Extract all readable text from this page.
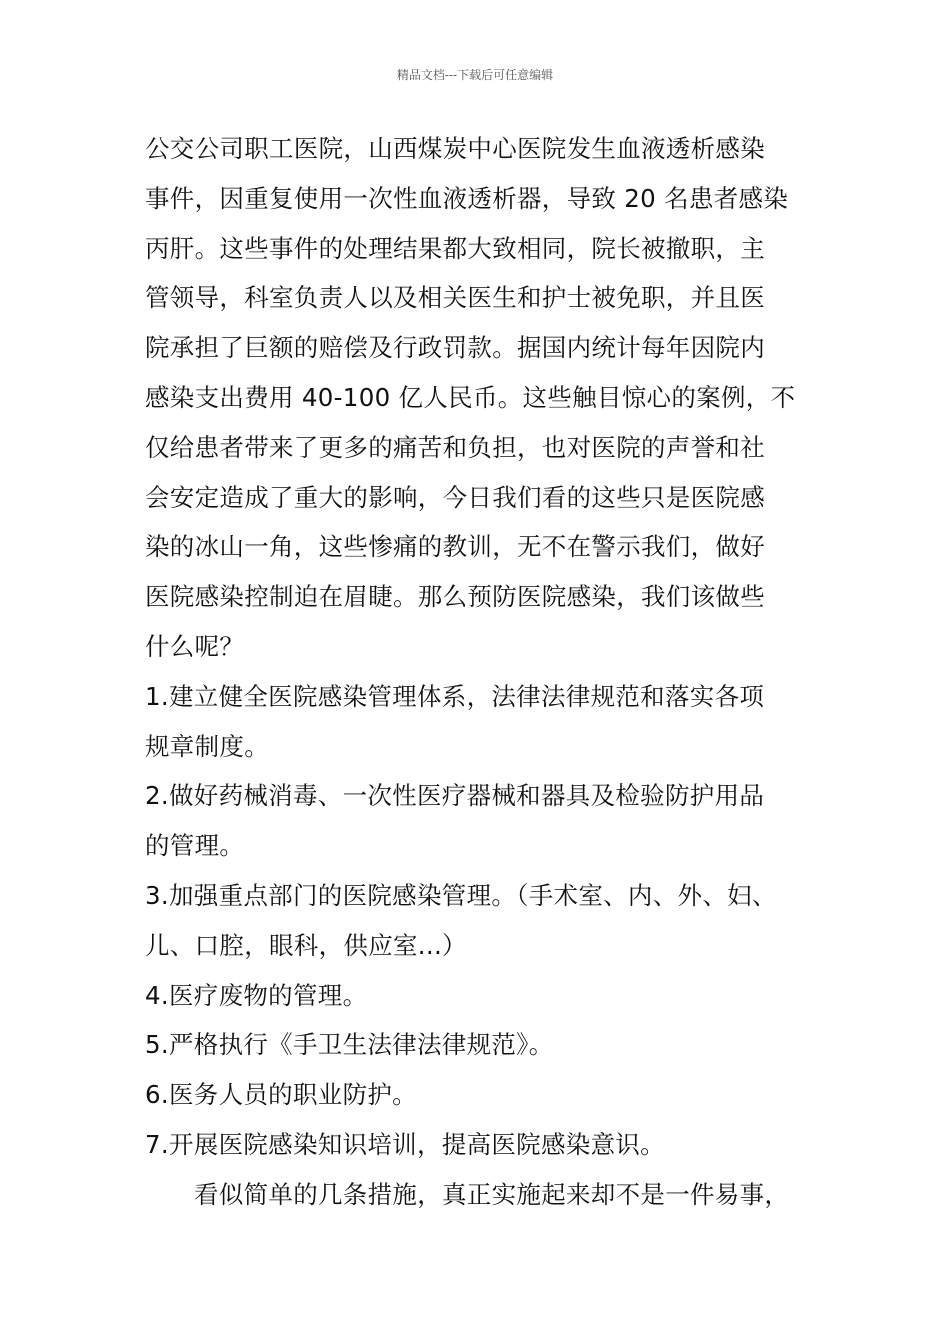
精品文档---下载后可任意编辑
公交公司职工医院，山西煤炭中心医院发生血液透析感染
事件，因重复使用一次性血液透析器，导致 20 名患者感染
丙肝。这些事件的处理结果都大致相同，院长被撤职，主
管领导，科室负责人以及相关医生和护士被免职，并且医
院承担了巨额的赔偿及行政罚款。据国内统计每年因院内
感染支出费用 40-100 亿人民币。这些触目惊心的案例，不
仅给患者带来了更多的痛苦和负担，也对医院的声誉和社
会安定造成了重大的影响，今日我们看的这些只是医院感
染的冰山一角，这些惨痛的教训，无不在警示我们，做好
医院感染控制迫在眉睫。那么预防医院感染，我们该做些
什么呢？
1.建立健全医院感染管理体系，法律法律规范和落实各项
规章制度。
2.做好药械消毒、一次性医疗器械和器具及检验防护用品
的管理。
3.加强重点部门的医院感染管理。（手术室、内、外、妇、
儿、口腔，眼科，供应室...）
4.医疗废物的管理。
5.严格执行《手卫生法律法律规范》。
6.医务人员的职业防护。
7.开展医院感染知识培训，提高医院感染意识。
看似简单的几条措施，真正实施起来却不是一件易事，
